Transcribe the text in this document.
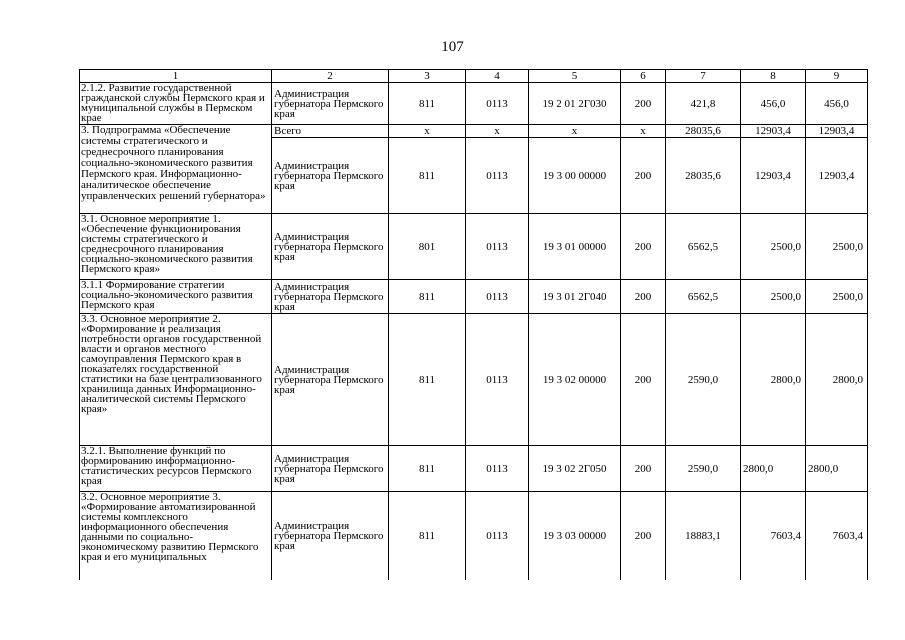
107
1	2	3	4	5	6	7	8	9
2.1.2. Развитие государственной гражданской службы Пермского края и муниципальной службы в Пермском крае	Администрация губернатора Пермского края	811	0113	19 2 01 2Г030	200	421,8	456,0	456,0
3. Подпрограмма «Обеспечение системы стратегического и среднесрочного планирования социально-экономического развития Пермского края. Информационно-аналитическое обеспечение управленческих решений губернатора»	Всего	х	х	х	х	28035,6	12903,4	12903,4
	Администрация губернатора Пермского края	811	0113	19 3 00 00000	200	28035,6	12903,4	12903,4
3.1. Основное мероприятие 1. «Обеспечение функционирования системы стратегического и среднесрочного планирования социально-экономического развития Пермского края»	Администрация губернатора Пермского края	801	0113	19 3 01 00000	200	6562,5	2500,0	2500,0
3.1.1 Формирование стратегии социально-экономического развития Пермского края	Администрация губернатора Пермского края	811	0113	19 3 01 2Г040	200	6562,5	2500,0	2500,0
3.3. Основное мероприятие 2. «Формирование и реализация потребности органов государственной власти и органов местного самоуправления Пермского края в показателях государственной статистики на базе централизованного хранилища данных Информационно-аналитической системы Пермского края»	Администрация губернатора Пермского края	811	0113	19 3 02 00000	200	2590,0	2800,0	2800,0
3.2.1. Выполнение функций по формированию информационно-статистических ресурсов Пермского края	Администрация губернатора Пермского края	811	0113	19 3 02 2Г050	200	2590,0	2800,0	2800,0
3.2. Основное мероприятие 3. «Формирование автоматизированной системы комплексного информационного обеспечения данными по социально-экономическому развитию Пермского края и его муниципальных	Администрация губернатора Пермского края	811	0113	19 3 03 00000	200	18883,1	7603,4	7603,4
